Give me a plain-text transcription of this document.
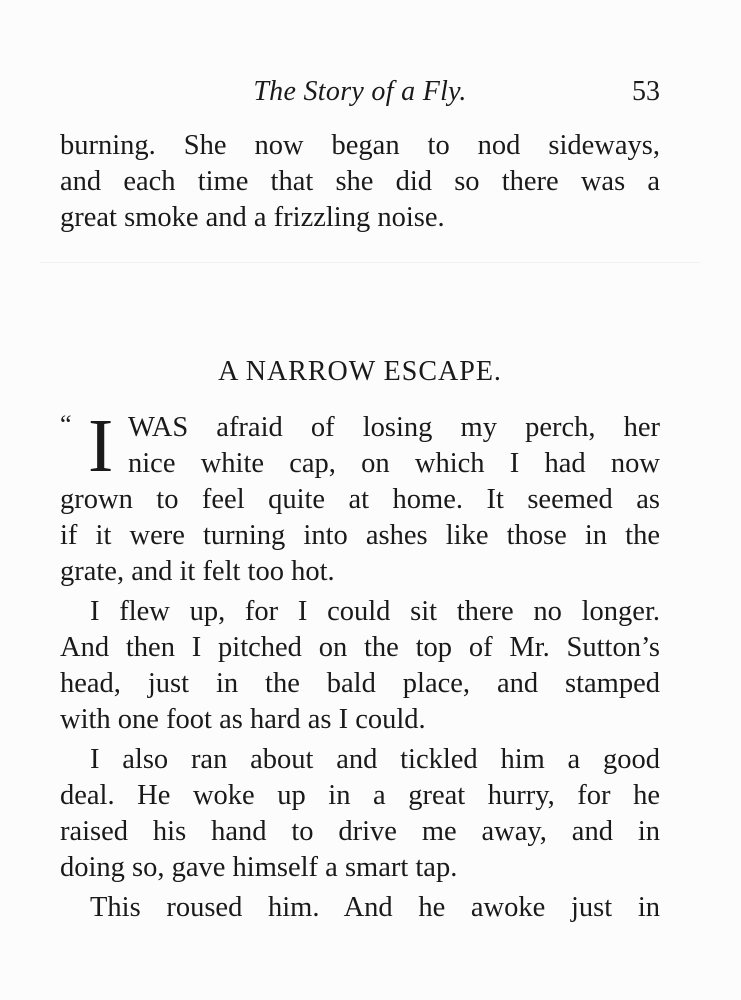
The Story of a Fly.	53
burning. She now began to nod sideways,
and each time that she did so there was a
great smoke and a frizzling noise.
A NARROW ESCAPE.
“ I WAS afraid of losing my perch, her
nice white cap, on which I had now
grown to feel quite at home. It seemed as
if it were turning into ashes like those in the
grate, and it felt too hot.
I flew up, for I could sit there no longer.
And then I pitched on the top of Mr. Sutton’s
head, just in the bald place, and stamped
with one foot as hard as I could.
I also ran about and tickled him a good
deal. He woke up in a great hurry, for he
raised his hand to drive me away, and in
doing so, gave himself a smart tap.
This roused him. And he awoke just in
